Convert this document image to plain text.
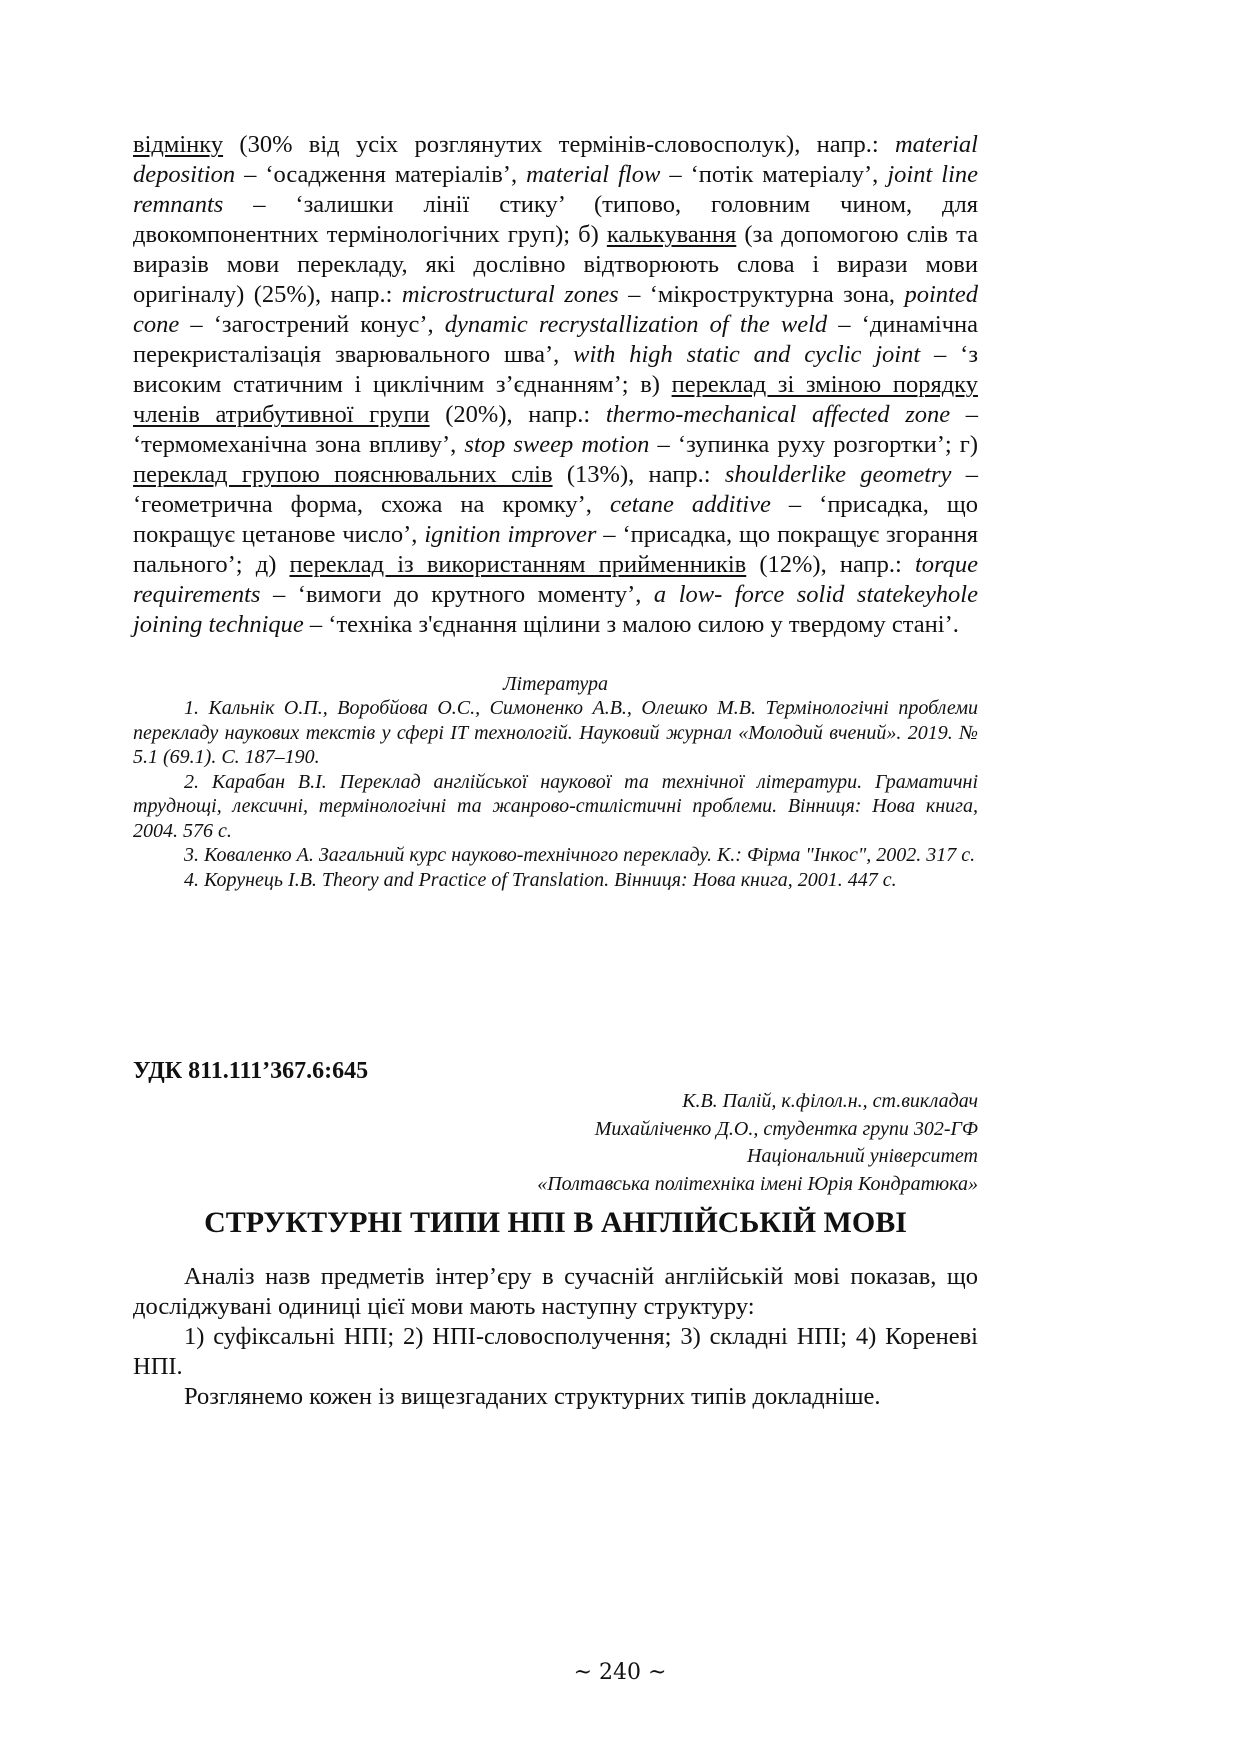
відмінку (30% від усіх розглянутих термінів-словосполук), напр.: material deposition – ‘осадження матеріалів’, material flow – ‘потік матеріалу’, joint line remnants – ‘залишки лінії стику’ (типово, головним чином, для двокомпонентних термінологічних груп); б) калькування (за допомогою слів та виразів мови перекладу, які дослівно відтворюють слова і вирази мови оригіналу) (25%), напр.: microstructural zones – ‘мікроструктурна зона, pointed cone – ‘загострений конус’, dynamic recrystallization of the weld – ‘динамічна перекристалізація зварювального шва’, with high static and cyclic joint – ‘з високим статичним і циклічним з’єднанням’; в) переклад зі зміною порядку членів атрибутивної групи (20%), напр.: thermo-mechanical affected zone – ‘термомеханічна зона впливу’, stop sweep motion – ‘зупинка руху розгортки’; г) переклад групою пояснювальних слів (13%), напр.: shoulderlike geometry – ‘геометрична форма, схожа на кромку’, cetane additive – ‘присадка, що покращує цетанове число’, ignition improver – ‘присадка, що покращує згорання пального’; д) переклад із використанням прийменників (12%), напр.: torque requirements – ‘вимоги до крутного моменту’, a low- force solid statekeyhole joining technique – ‘техніка з'єднання щілини з малою силою у твердому стані’.

Література

1. Кальнік О.П., Воробйова О.С., Симоненко А.В., Олешко М.В. Термінологічні проблеми перекладу наукових текстів у сфері IT технологій. Науковий журнал «Молодий вчений». 2019. № 5.1 (69.1). С. 187–190.

2. Карабан В.І. Переклад англійської наукової та технічної літератури. Граматичні труднощі, лексичні, термінологічні та жанрово-стилістичні проблеми. Вінниця: Нова книга, 2004. 576 с.

3. Коваленко А. Загальний курс науково-технічного перекладу. К.: Фірма "Інкос", 2002. 317 с.

4. Корунець І.В. Theory and Practice of Translation. Вінниця: Нова книга, 2001. 447 с.

УДК 811.111’367.6:645
К.В. Палій, к.філол.н., ст.викладач
Михайліченко Д.О., студентка групи 302-ГФ
Національний університет
«Полтавська політехніка імені Юрія Кондратюка»
СТРУКТУРНІ ТИПИ НПІ В АНГЛІЙСЬКІЙ МОВІ

Аналіз назв предметів інтер’єру в сучасній англійській мові показав, що досліджувані одиниці цієї мови мають наступну структуру:

1) суфіксальні НПІ; 2) НПІ-словосполучення; 3) складні НПІ; 4) Кореневі НПІ.

Розглянемо кожен із вищезгаданих структурних типів докладніше.

~ 240 ~
